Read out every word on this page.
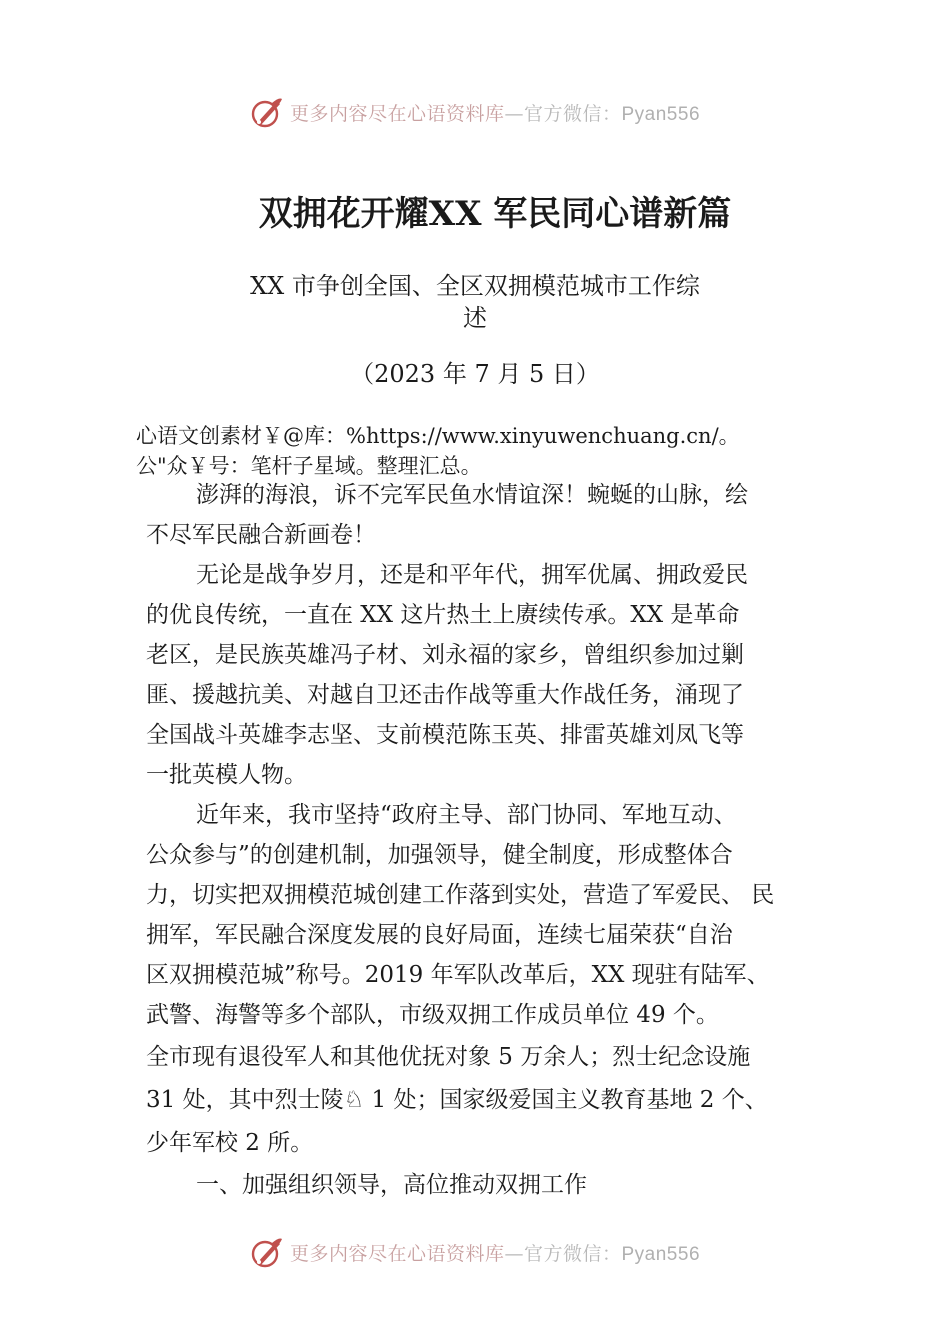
更多内容尽在心语资料库—官方微信：Pyan556
双拥花开耀XX 军民同心谱新篇
XX 市争创全国、全区双拥模范城市工作综
述
（2023 年 7 月 5 日）
心语文创素材￥@库：%https://www.xinyuwenchuang.cn/。
公"众￥号：笔杆子星域。整理汇总。
澎湃的海浪，诉不完军民鱼水情谊深！蜿蜒的山脉，绘
不尽军民融合新画卷！
无论是战争岁月，还是和平年代，拥军优属、拥政爱民
的优良传统，一直在 XX 这片热土上赓续传承。XX 是革命
老区，是民族英雄冯子材、刘永福的家乡，曾组织参加过剿
匪、援越抗美、对越自卫还击作战等重大作战任务，涌现了
全国战斗英雄李志坚、支前模范陈玉英、排雷英雄刘凤飞等
一批英模人物。
近年来，我市坚持“政府主导、部门协同、军地互动、
公众参与”的创建机制，加强领导，健全制度，形成整体合
力，切实把双拥模范城创建工作落到实处，营造了军爱民、 民
拥军，军民融合深度发展的良好局面，连续七届荣获“自治
区双拥模范城”称号。2019 年军队改革后，XX 现驻有陆军、
武警、海警等多个部队，市级双拥工作成员单位 49 个。
全市现有退役军人和其他优抚对象 5 万余人；烈士纪念设施
31 处，其中烈士陵♘ 1 处；国家级爱国主义教育基地 2 个、
少年军校 2 所。
一、加强组织领导，高位推动双拥工作
更多内容尽在心语资料库—官方微信：Pyan556
